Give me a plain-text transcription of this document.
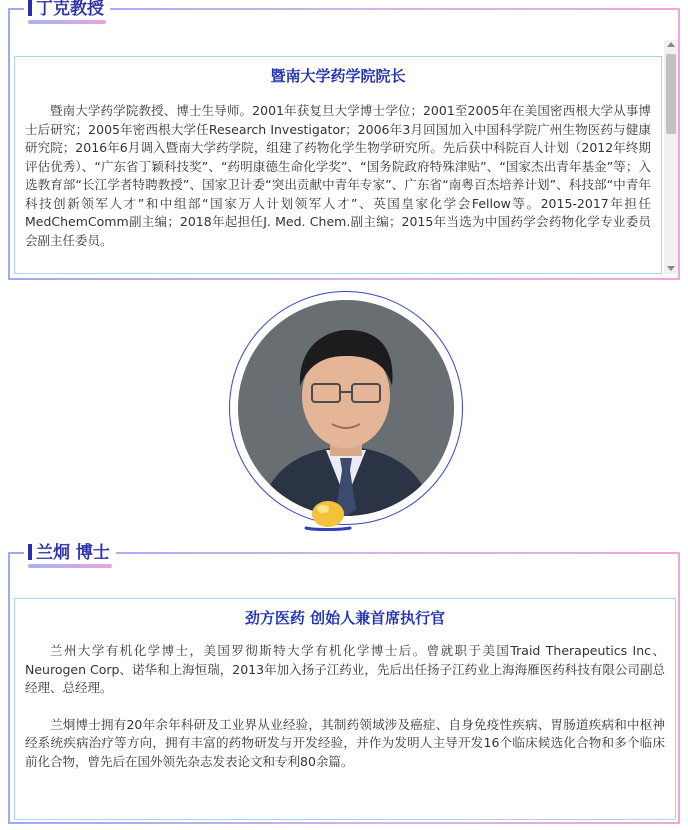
丁克教授
暨南大学药学院院长

暨南大学药学院教授、博士生导师。2001年获复旦大学博士学位；2001至2005年在美国密西根大学从事博士后研究；2005年密西根大学任Research Investigator；2006年3月回国加入中国科学院广州生物医药与健康研究院；2016年6月调入暨南大学药学院，组建了药物化学生物学研究所。先后获中科院百人计划（2012年终期评估优秀）、“广东省丁颖科技奖”、“药明康德生命化学奖”、“国务院政府特殊津贴”、“国家杰出青年基金”等；入选教育部“长江学者特聘教授”、国家卫计委“突出贡献中青年专家”、广东省“南粤百杰培养计划”、科技部“中青年科技创新领军人才”和中组部“国家万人计划领军人才”、英国皇家化学会Fellow等。2015-2017年担任MedChemComm副主编；2018年起担任J. Med. Chem.副主编；2015年当选为中国药学会药物化学专业委员会副主任委员。

兰炯 博士
劲方医药 创始人兼首席执行官

兰州大学有机化学博士，美国罗彻斯特大学有机化学博士后。曾就职于美国Traid Therapeutics Inc、Neurogen Corp、诺华和上海恒瑞，2013年加入扬子江药业，先后出任扬子江药业上海海雁医药科技有限公司副总经理、总经理。

兰炯博士拥有20年余年科研及工业界从业经验，其制药领域涉及癌症、自身免疫性疾病、胃肠道疾病和中枢神经系统疾病治疗等方向，拥有丰富的药物研发与开发经验，并作为发明人主导开发16个临床候选化合物和多个临床前化合物，曾先后在国外领先杂志发表论文和专利80余篇。
